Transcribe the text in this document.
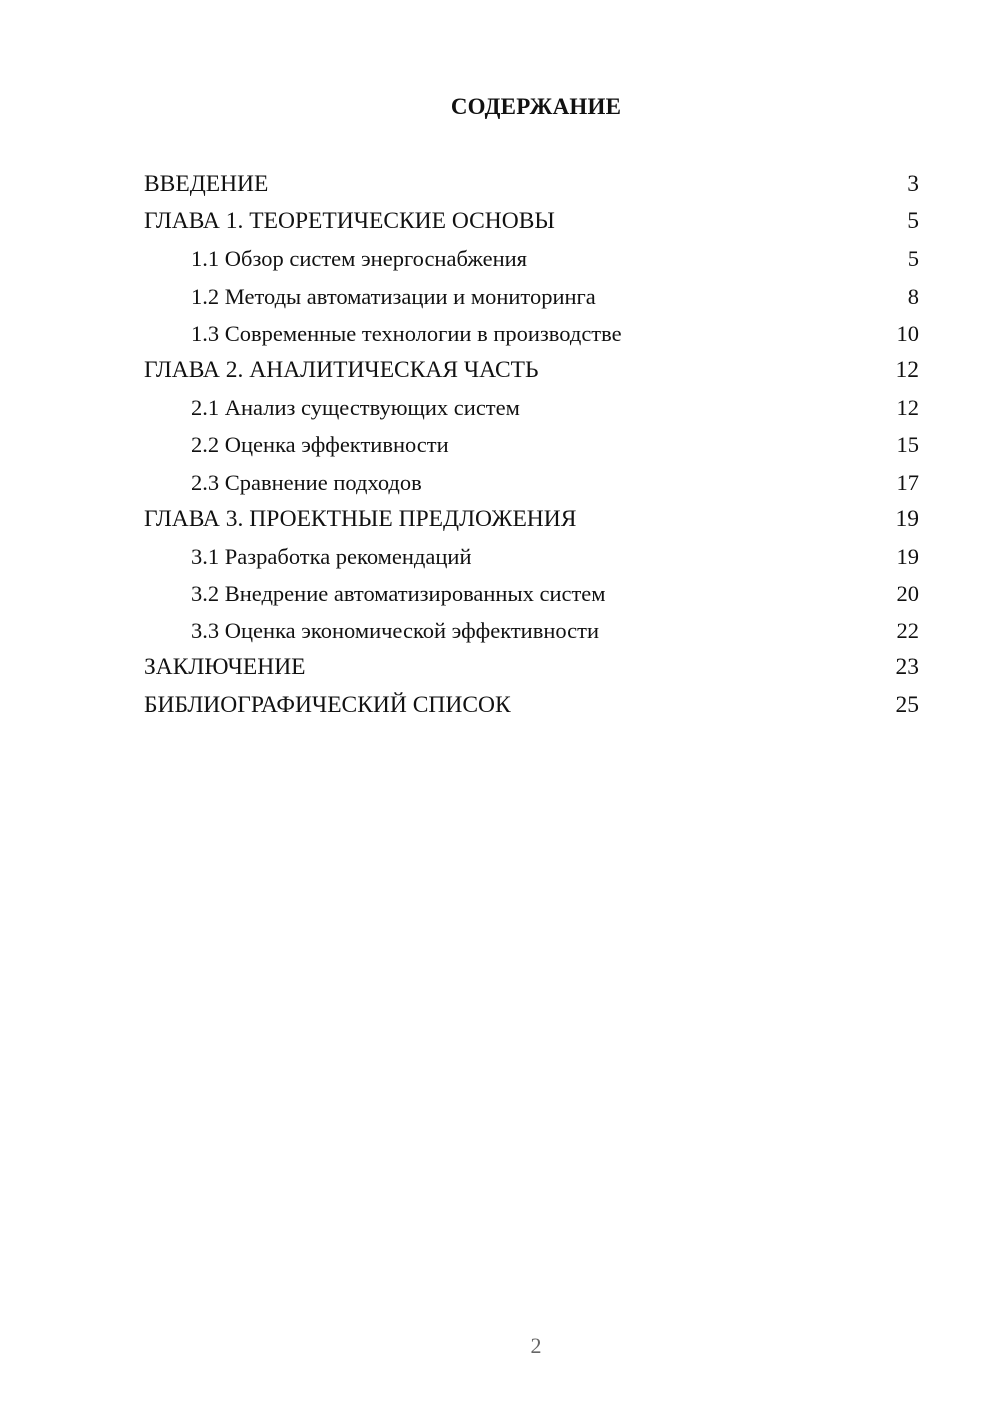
СОДЕРЖАНИЕ
ВВЕДЕНИЕ	3
ГЛАВА 1. ТЕОРЕТИЧЕСКИЕ ОСНОВЫ	5
1.1 Обзор систем энергоснабжения	5
1.2 Методы автоматизации и мониторинга	8
1.3 Современные технологии в производстве	10
ГЛАВА 2. АНАЛИТИЧЕСКАЯ ЧАСТЬ	12
2.1 Анализ существующих систем	12
2.2 Оценка эффективности	15
2.3 Сравнение подходов	17
ГЛАВА 3. ПРОЕКТНЫЕ ПРЕДЛОЖЕНИЯ	19
3.1 Разработка рекомендаций	19
3.2 Внедрение автоматизированных систем	20
3.3 Оценка экономической эффективности	22
ЗАКЛЮЧЕНИЕ	23
БИБЛИОГРАФИЧЕСКИЙ СПИСОК	25
2
